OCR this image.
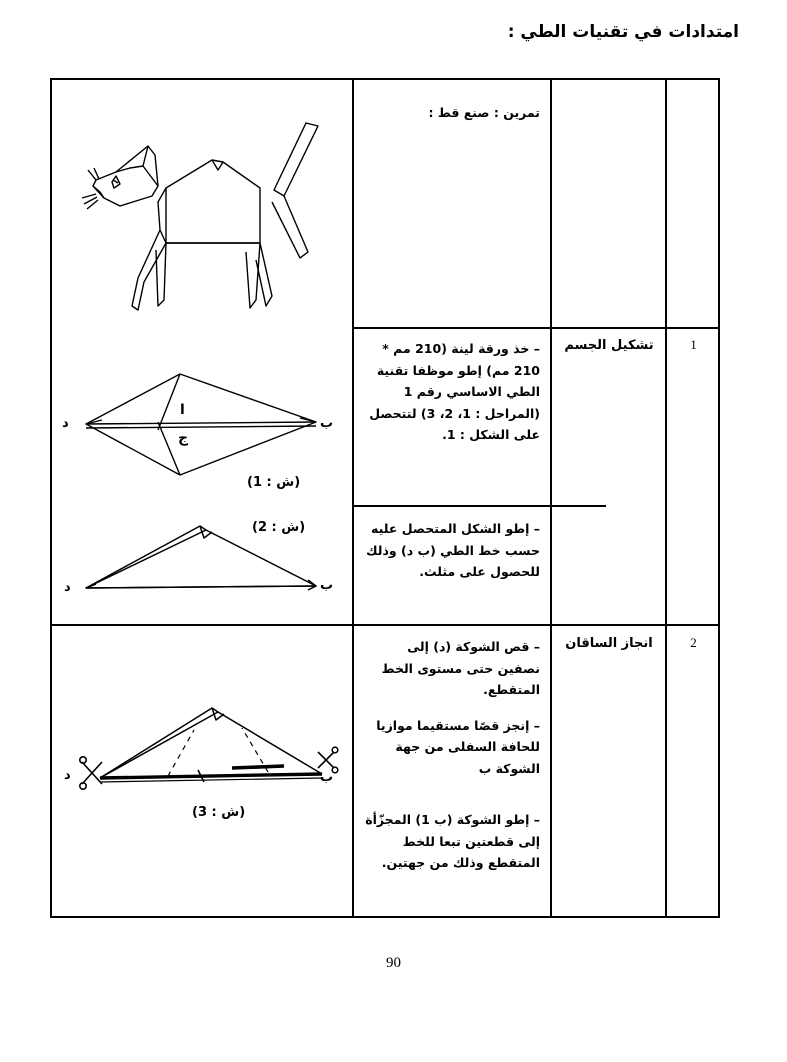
امتدادات في تقنيات الطي :
ب
د
ا
ج
(ش : 1)
د	ب
(ش : 2)
د	ب
(ش : 3)
تمرين : صنع قط :
– خذ ورقة لينة (210 مم * 210 مم) إطو موظفا تقنية الطي الاساسي رقم 1 (المراحل : 1، 2، 3) لتتحصل على الشكل : 1.
– إطو الشكل المتحصل عليه حسب خط الطي (ب د) وذلك للحصول على مثلث.
– قص الشوكة (د) إلى نصفين حتى مستوى الخط المتقطع.
– إنجز قصًا مستقيما موازيا للحافة السفلى من جهة الشوكة ب
– إطو الشوكة (ب 1) المجزّأة إلى قطعتين تبعا للخط المتقطع وذلك من جهتين.
تشكيل الجسم
انجاز الساقان
1
2
90
